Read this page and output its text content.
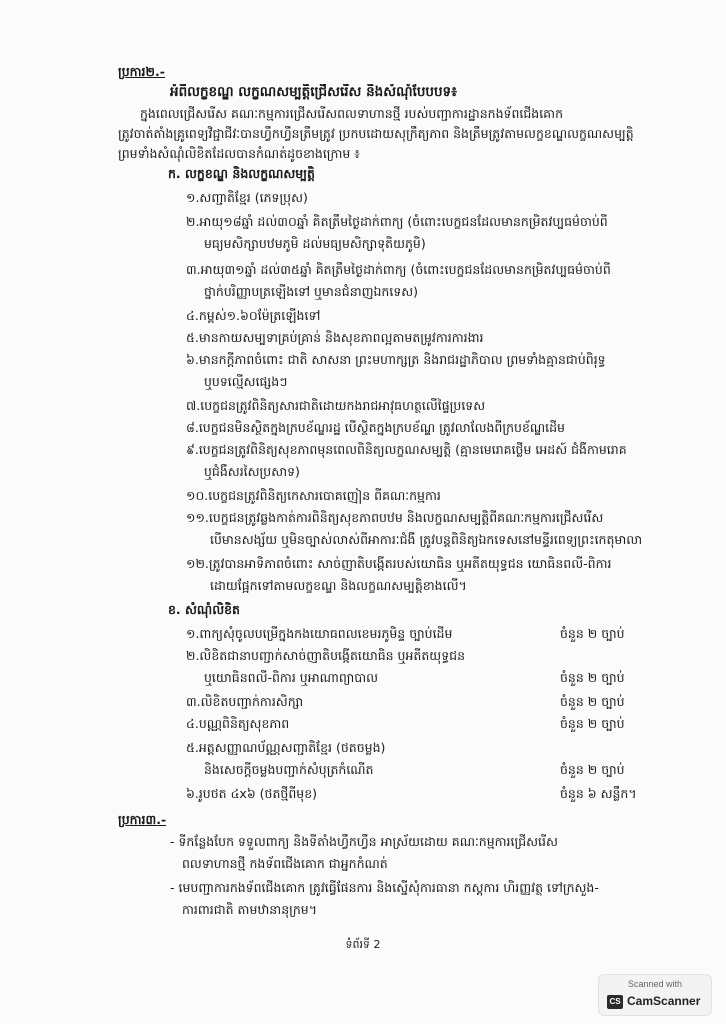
ប្រការ២.-
អំពីលក្ខខណ្ឌ លក្ខណសម្បត្តិជ្រើសរើស និងសំណុំបែបបទ៖
ក្នុងពេលជ្រើសរើស គណៈកម្មការជ្រើសរើសពលទាហានថ្មី របស់បញ្ជាការដ្ឋានកងទ័ពជើងគោក
ត្រូវចាត់តាំងគ្រូពេទ្យវិជ្ជាជីវៈបានហ្វឹកហ្វឺនត្រឹមត្រូវ ប្រកបដោយសុក្រឹត្យភាព និងត្រឹមត្រូវតាមលក្ខខណ្ឌលក្ខណសម្បត្តិ
ព្រមទាំងសំណុំលិខិតដែលបានកំណត់ដូចខាងក្រោម ៖
ក. លក្ខខណ្ឌ និងលក្ខណសម្បត្តិ
១.សញ្ជាតិខ្មែរ (ភេទប្រុស)
២.អាយុ១៨ឆ្នាំ ដល់៣០ឆ្នាំ គិតត្រឹមថ្ងៃដាក់ពាក្យ (ចំពោះបេក្ខជនដែលមានកម្រិតវប្បធម៌ចាប់ពី
មធ្យមសិក្សាបឋមភូមិ ដល់មធ្យមសិក្សាទុតិយភូមិ)
៣.អាយុ៣១ឆ្នាំ ដល់៣៥ឆ្នាំ គិតត្រឹមថ្ងៃដាក់ពាក្យ (ចំពោះបេក្ខជនដែលមានកម្រិតវប្បធម៌ចាប់ពី
ថ្នាក់បរិញ្ញាបត្រឡើងទៅ ឬមានជំនាញឯកទេស)
៤.កម្ពស់១.៦០ម៉ែត្រឡើងទៅ
៥.មានកាយសម្បទាគ្រប់គ្រាន់ និងសុខភាពល្អតាមតម្រូវការការងារ
៦.មានកក្តីភាពចំពោះ ជាតិ សាសនា ព្រះមហាក្សត្រ និងរាជរដ្ឋាភិបាល ព្រមទាំងគ្មានជាប់ពិរុទ្ធ
ឬបទល្មើសផ្សេងៗ
៧.បេក្ខជនត្រូវពិនិត្យសារជាតិដោយកងរាជអាវុធហត្ថលើផ្ទៃប្រទេស
៨.បេក្ខជនមិនស្ថិតក្នុងក្របខ័ណ្ឌរដ្ឋ បើស្ថិតក្នុងក្របខ័ណ្ឌ ត្រូវលាលែងពីក្របខ័ណ្ឌដើម
៩.បេក្ខជនត្រូវពិនិត្យសុខភាពមុនពេលពិនិត្យលក្ខណសម្បត្តិ (គ្មានមេរោគថ្លើម អេដស៍ ជំងឺកាមរោគ
ឬជំងឺសរសៃប្រសាទ)
១០.បេក្ខជនត្រូវពិនិត្យកេសារបោគញៀន ពីគណៈកម្មការ
១១.បេក្ខជនត្រូវឆ្លងកាត់ការពិនិត្យសុខភាពបឋម និងលក្ខណសម្បត្តិពីគណៈកម្មការជ្រើសរើស
បើមានសង្ស័យ ឬមិនច្បាស់លាស់ពីអាការៈជំងឺ ត្រូវបន្តពិនិត្យឯកទេសនៅមន្ទីរពេទ្យព្រះកេតុមាលា
១២.ត្រូវបានអាទិភាពចំពោះ សាច់ញាតិបង្កើតរបស់យោធិន ឬអតីតយុទ្ធជន យោធិនពលី-ពិការ
ដោយផ្អែកទៅតាមលក្ខខណ្ឌ និងលក្ខណសម្បត្តិខាងលើ។
ខ. សំណុំលិខិត
១.ពាក្យសុំចូលបម្រើក្នុងកងយោធពលខេមរភូមិន្ទ ច្បាប់ដើម	ចំនួន ២ ច្បាប់
២.លិខិតជានាបញ្ជាក់សាច់ញាតិបង្កើតយោធិន ឬអតីតយុទ្ធជន
ឬយោធិនពលី-ពិការ ឬអាណាព្យាបាល	ចំនួន ២ ច្បាប់
៣.លិខិតបញ្ជាក់ការសិក្សា	ចំនួន ២ ច្បាប់
៤.បណ្ណពិនិត្យសុខភាព	ចំនួន ២ ច្បាប់
៥.អត្តសញ្ញាណប័ណ្ណសញ្ជាតិខ្មែរ (ថតចម្លង)
និងសេចក្តីចម្លងបញ្ជាក់សំបុត្រកំណើត	ចំនួន ២ ច្បាប់
៦.រូបថត ៤x៦ (ថតថ្មីពីមុខ)	ចំនួន ៦ សន្លឹក។
ប្រការ៣.-
- ទីកន្លែងបែក ទទួលពាក្យ និងទីតាំងហ្វឹកហ្វឺន អាស្រ័យដោយ គណៈកម្មការជ្រើសរើស
ពលទាហានថ្មី កងទ័ពជើងគោក ជាអ្នកកំណត់
- មេបញ្ជាការកងទ័ពជើងគោក ត្រូវធ្វើផែនការ និងស្នើសុំការធានា កស្តុការ ហិរញ្ញវត្ថុ ទៅក្រសួង-
ការពារជាតិ តាមឋានានុក្រម។
ទំព័រទី 2
Scanned with
CS CamScanner
